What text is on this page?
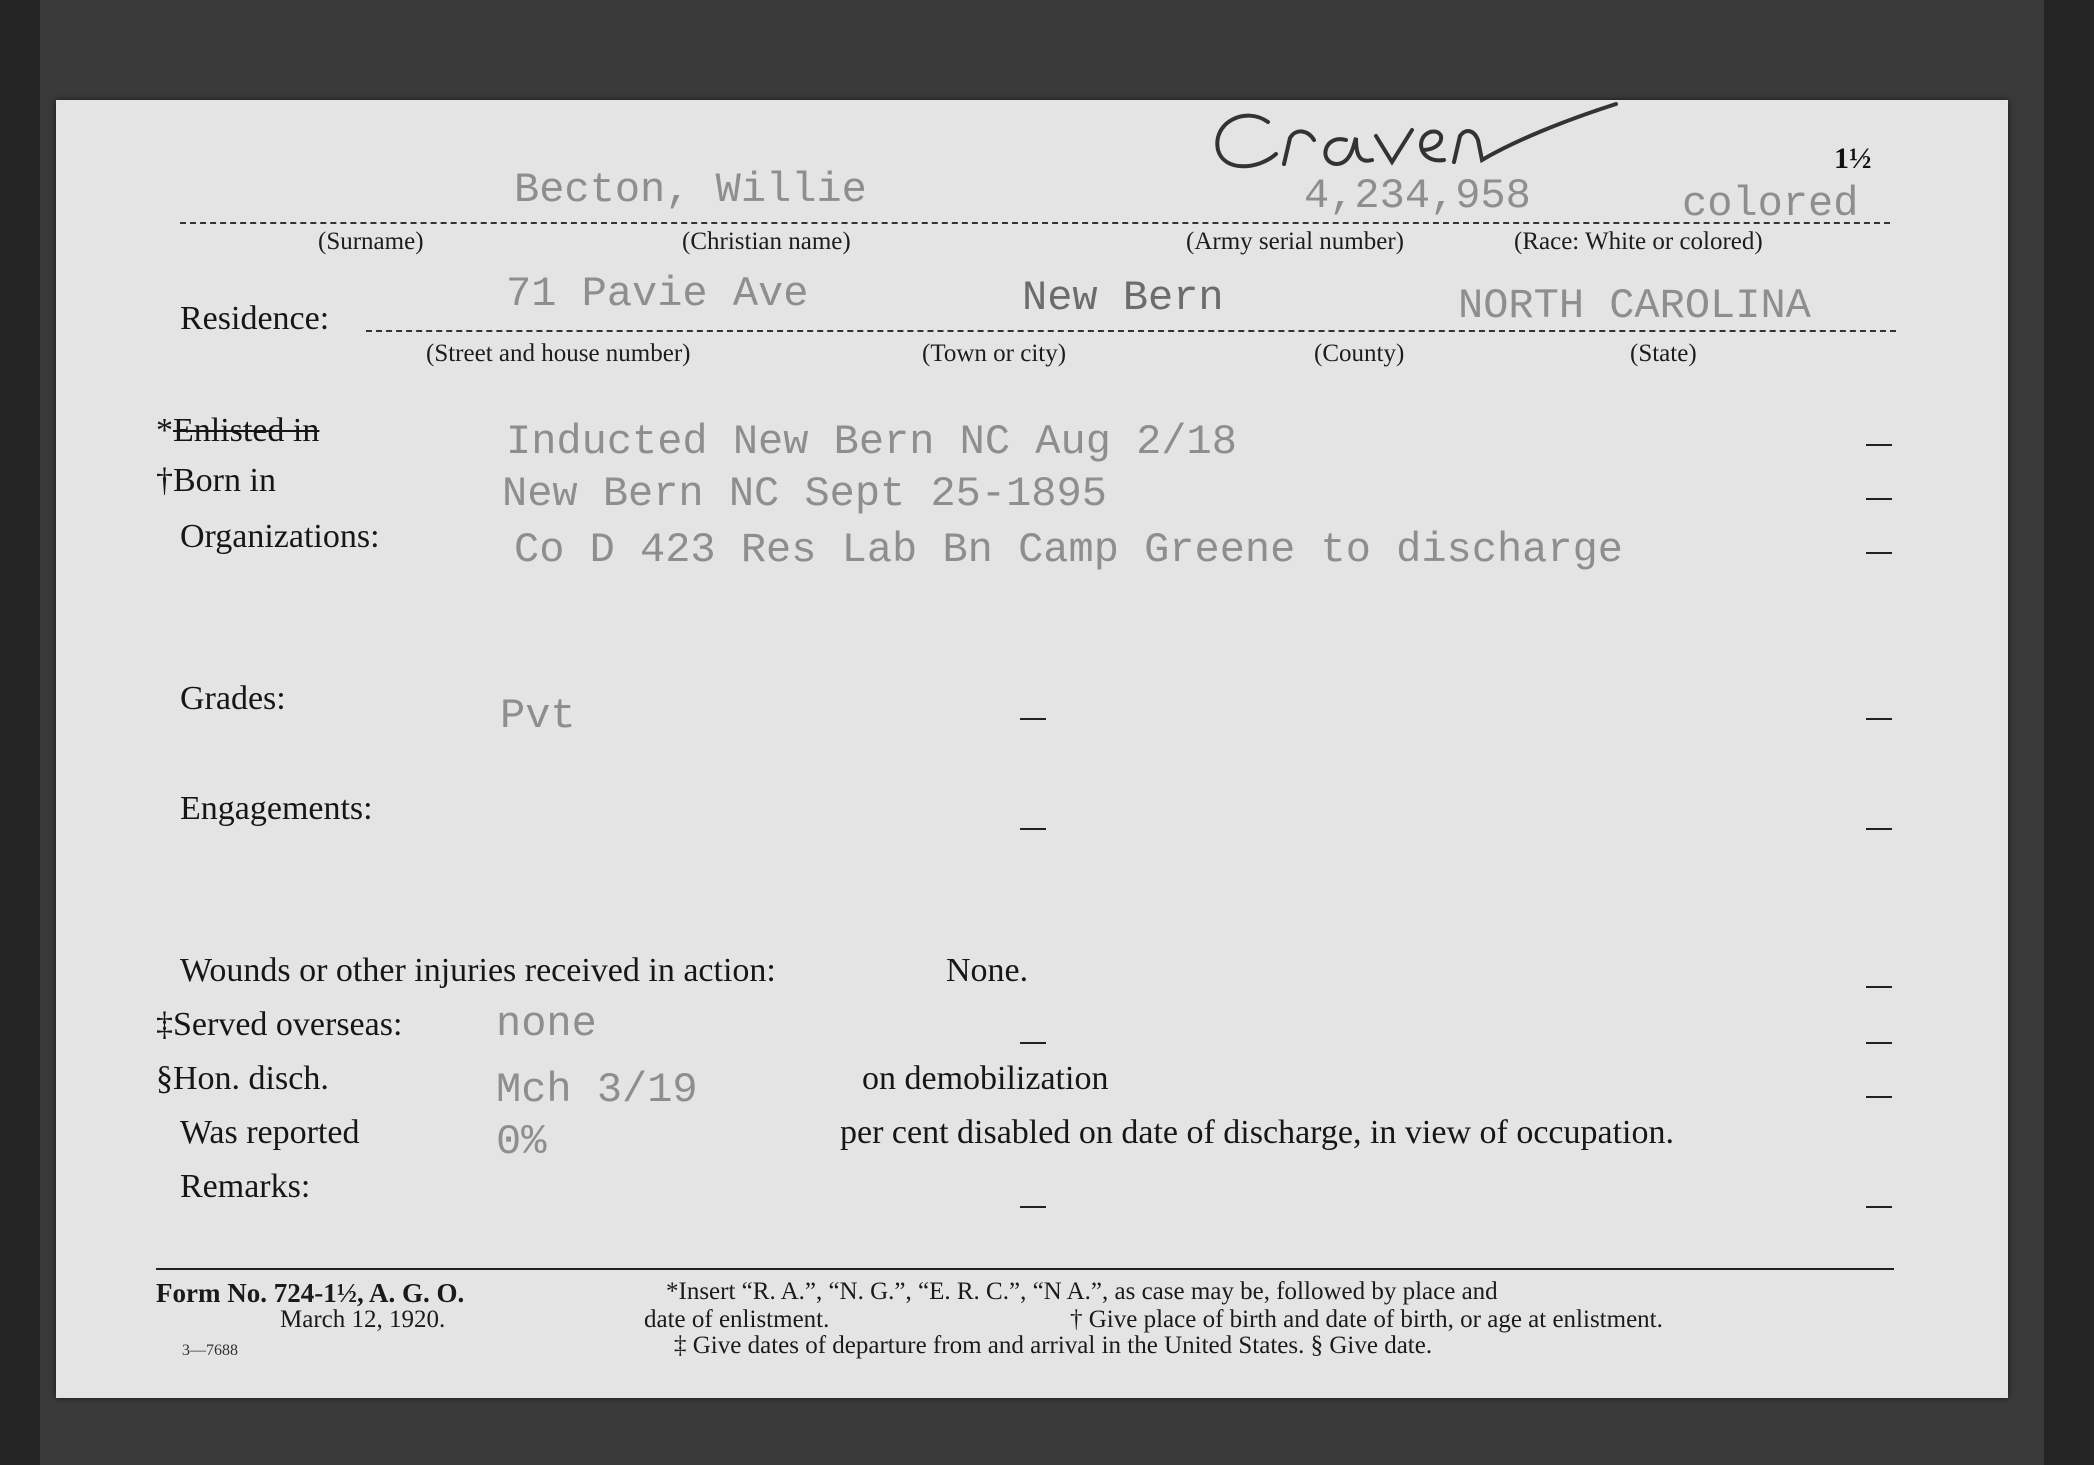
1½
Becton, Willie	4,234,958	colored
(Surname)	(Christian name)	(Army serial number)	(Race: White or colored)
Residence:
71 Pavie Ave	New Bern	NORTH CAROLINA
(Street and house number)	(Town or city)	(County)	(State)
*Enlisted in	Inducted New Bern NC Aug 2/18
†Born in	New Bern NC Sept 25-1895
Organizations:	Co D 423 Res Lab Bn Camp Greene to discharge
Grades:	Pvt
Engagements:
Wounds or other injuries received in action:	None.
‡Served overseas: none
§Hon. disch.	Mch 3/19	on demobilization
Was reported	0%	per cent disabled on date of discharge, in view of occupation.
Remarks:
Form No. 724-1½, A. G. O.
March 12, 1920.
3—7688
*Insert “R. A.”, “N. G.”, “E. R. C.”, “N A.”, as case may be, followed by place and
date of enlistment.	† Give place of birth and date of birth, or age at enlistment.
‡ Give dates of departure from and arrival in the United States. § Give date.
